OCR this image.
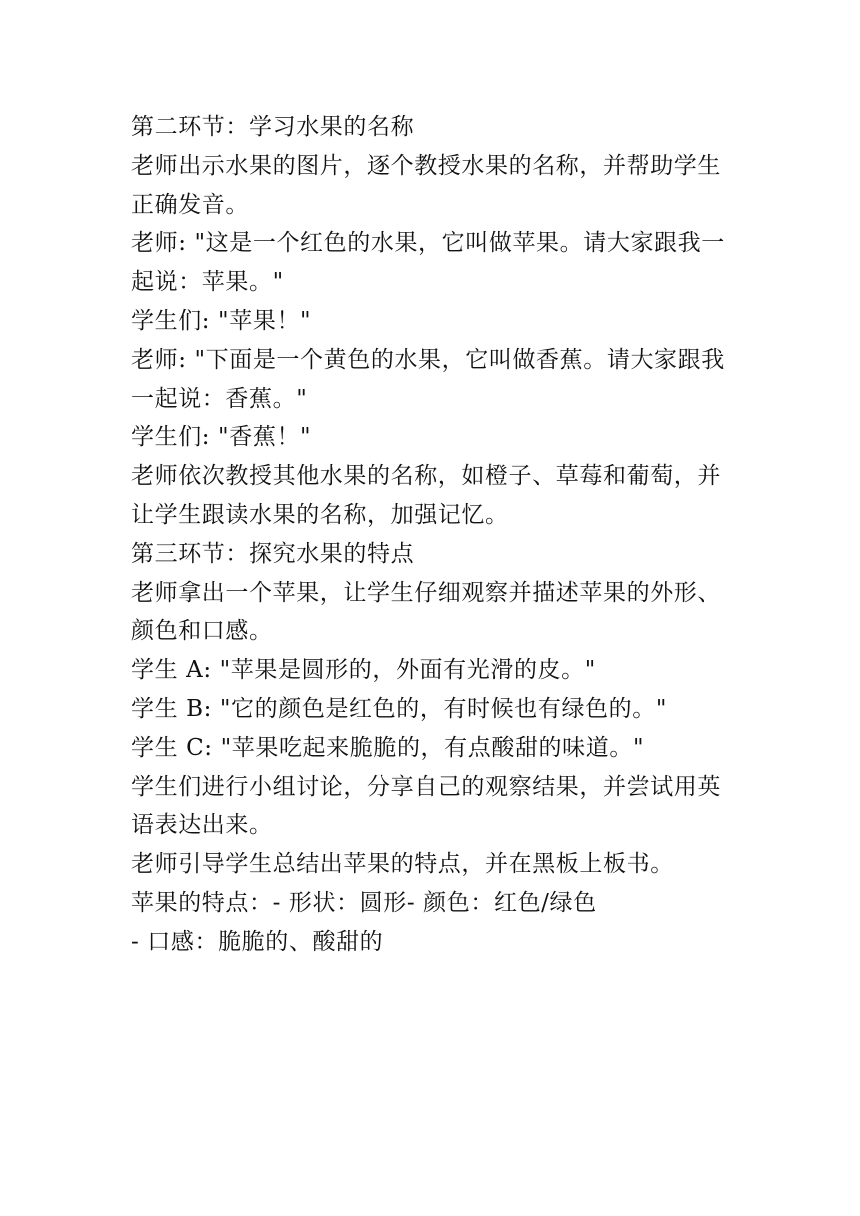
第二环节：学习水果的名称

老师出示水果的图片，逐个教授水果的名称，并帮助学生正确发音。

老师: "这是一个红色的水果，它叫做苹果。请大家跟我一起说：苹果。"

学生们: "苹果！"

老师: "下面是一个黄色的水果，它叫做香蕉。请大家跟我一起说：香蕉。"

学生们: "香蕉！"

老师依次教授其他水果的名称，如橙子、草莓和葡萄，并让学生跟读水果的名称，加强记忆。

第三环节：探究水果的特点

老师拿出一个苹果，让学生仔细观察并描述苹果的外形、颜色和口感。

学生 A: "苹果是圆形的，外面有光滑的皮。"

学生 B: "它的颜色是红色的，有时候也有绿色的。"

学生 C: "苹果吃起来脆脆的，有点酸甜的味道。"

学生们进行小组讨论，分享自己的观察结果，并尝试用英语表达出来。

老师引导学生总结出苹果的特点，并在黑板上板书。

苹果的特点：- 形状：圆形- 颜色：红色/绿色

- 口感：脆脆的、酸甜的
